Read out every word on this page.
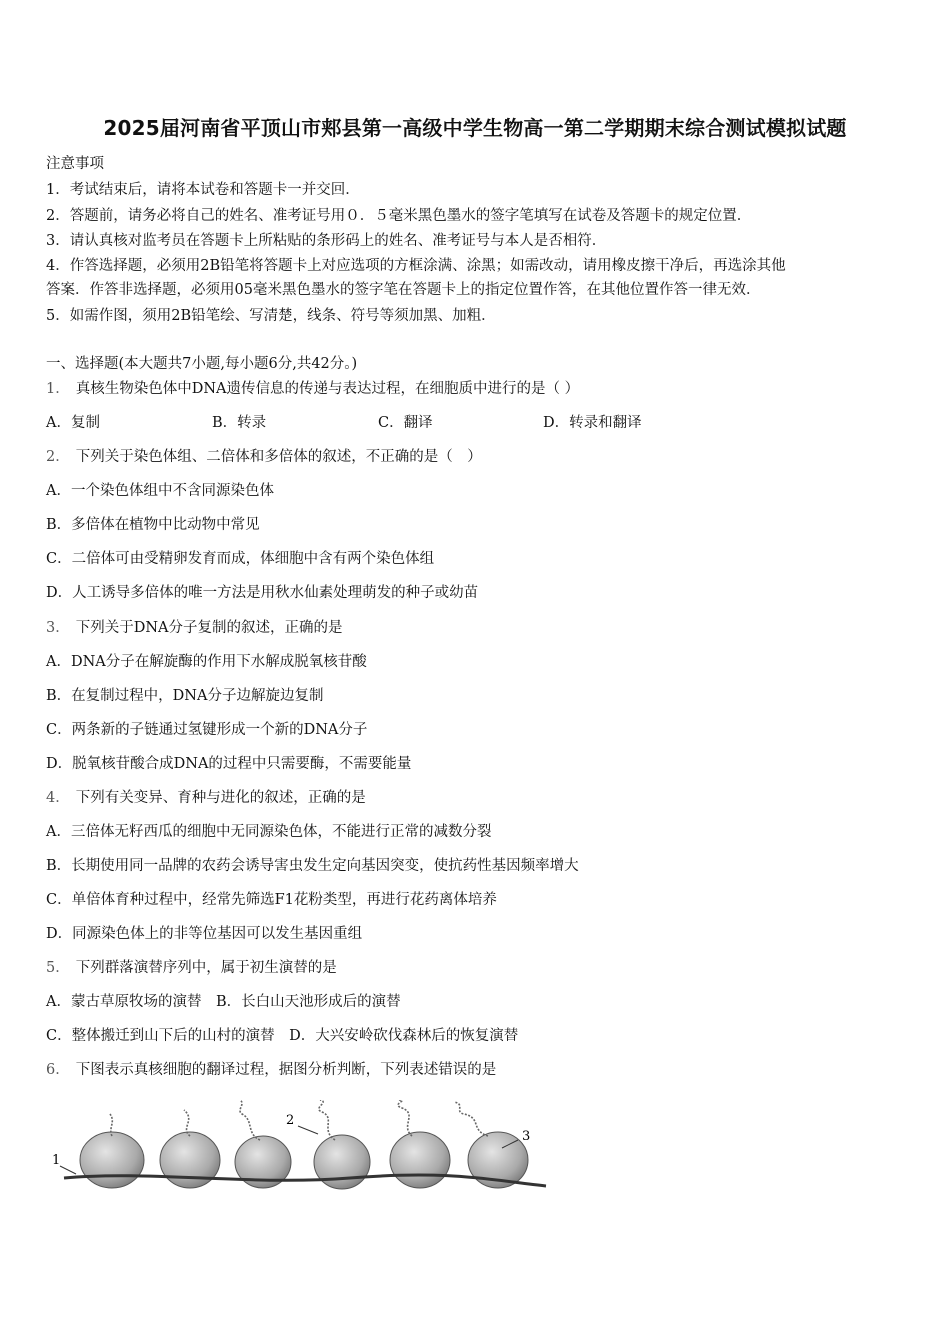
2025届河南省平顶山市郏县第一高级中学生物高一第二学期期末综合测试模拟试题
注意事项
1．考试结束后，请将本试卷和答题卡一并交回．
2．答题前，请务必将自己的姓名、准考证号用０．５毫米黑色墨水的签字笔填写在试卷及答题卡的规定位置．
3．请认真核对监考员在答题卡上所粘贴的条形码上的姓名、准考证号与本人是否相符．
4．作答选择题，必须用2B铅笔将答题卡上对应选项的方框涂满、涂黑；如需改动，请用橡皮擦干净后，再选涂其他
答案．作答非选择题，必须用05毫米黑色墨水的签字笔在答题卡上的指定位置作答，在其他位置作答一律无效．
5．如需作图，须用2B铅笔绘、写清楚，线条、符号等须加黑、加粗．
一、选择题(本大题共7小题,每小题6分,共42分。)
1． 真核生物染色体中DNA遗传信息的传递与表达过程，在细胞质中进行的是（ ）
A．复制	B．转录	C．翻译	D．转录和翻译
2． 下列关于染色体组、二倍体和多倍体的叙述，不正确的是（　）
A．一个染色体组中不含同源染色体
B．多倍体在植物中比动物中常见
C．二倍体可由受精卵发育而成，体细胞中含有两个染色体组
D．人工诱导多倍体的唯一方法是用秋水仙素处理萌发的种子或幼苗
3． 下列关于DNA分子复制的叙述，正确的是
A．DNA分子在解旋酶的作用下水解成脱氧核苷酸
B．在复制过程中，DNA分子边解旋边复制
C．两条新的子链通过氢键形成一个新的DNA分子
D．脱氧核苷酸合成DNA的过程中只需要酶，不需要能量
4． 下列有关变异、育种与进化的叙述，正确的是
A．三倍体无籽西瓜的细胞中无同源染色体，不能进行正常的减数分裂
B．长期使用同一品牌的农药会诱导害虫发生定向基因突变，使抗药性基因频率增大
C．单倍体育种过程中，经常先筛选F1花粉类型，再进行花药离体培养
D．同源染色体上的非等位基因可以发生基因重组
5． 下列群落演替序列中，属于初生演替的是
A．蒙古草原牧场的演替　B．长白山天池形成后的演替
C．整体搬迁到山下后的山村的演替　D．大兴安岭砍伐森林后的恢复演替
6． 下图表示真核细胞的翻译过程，据图分析判断，下列表述错误的是
1
2
3
